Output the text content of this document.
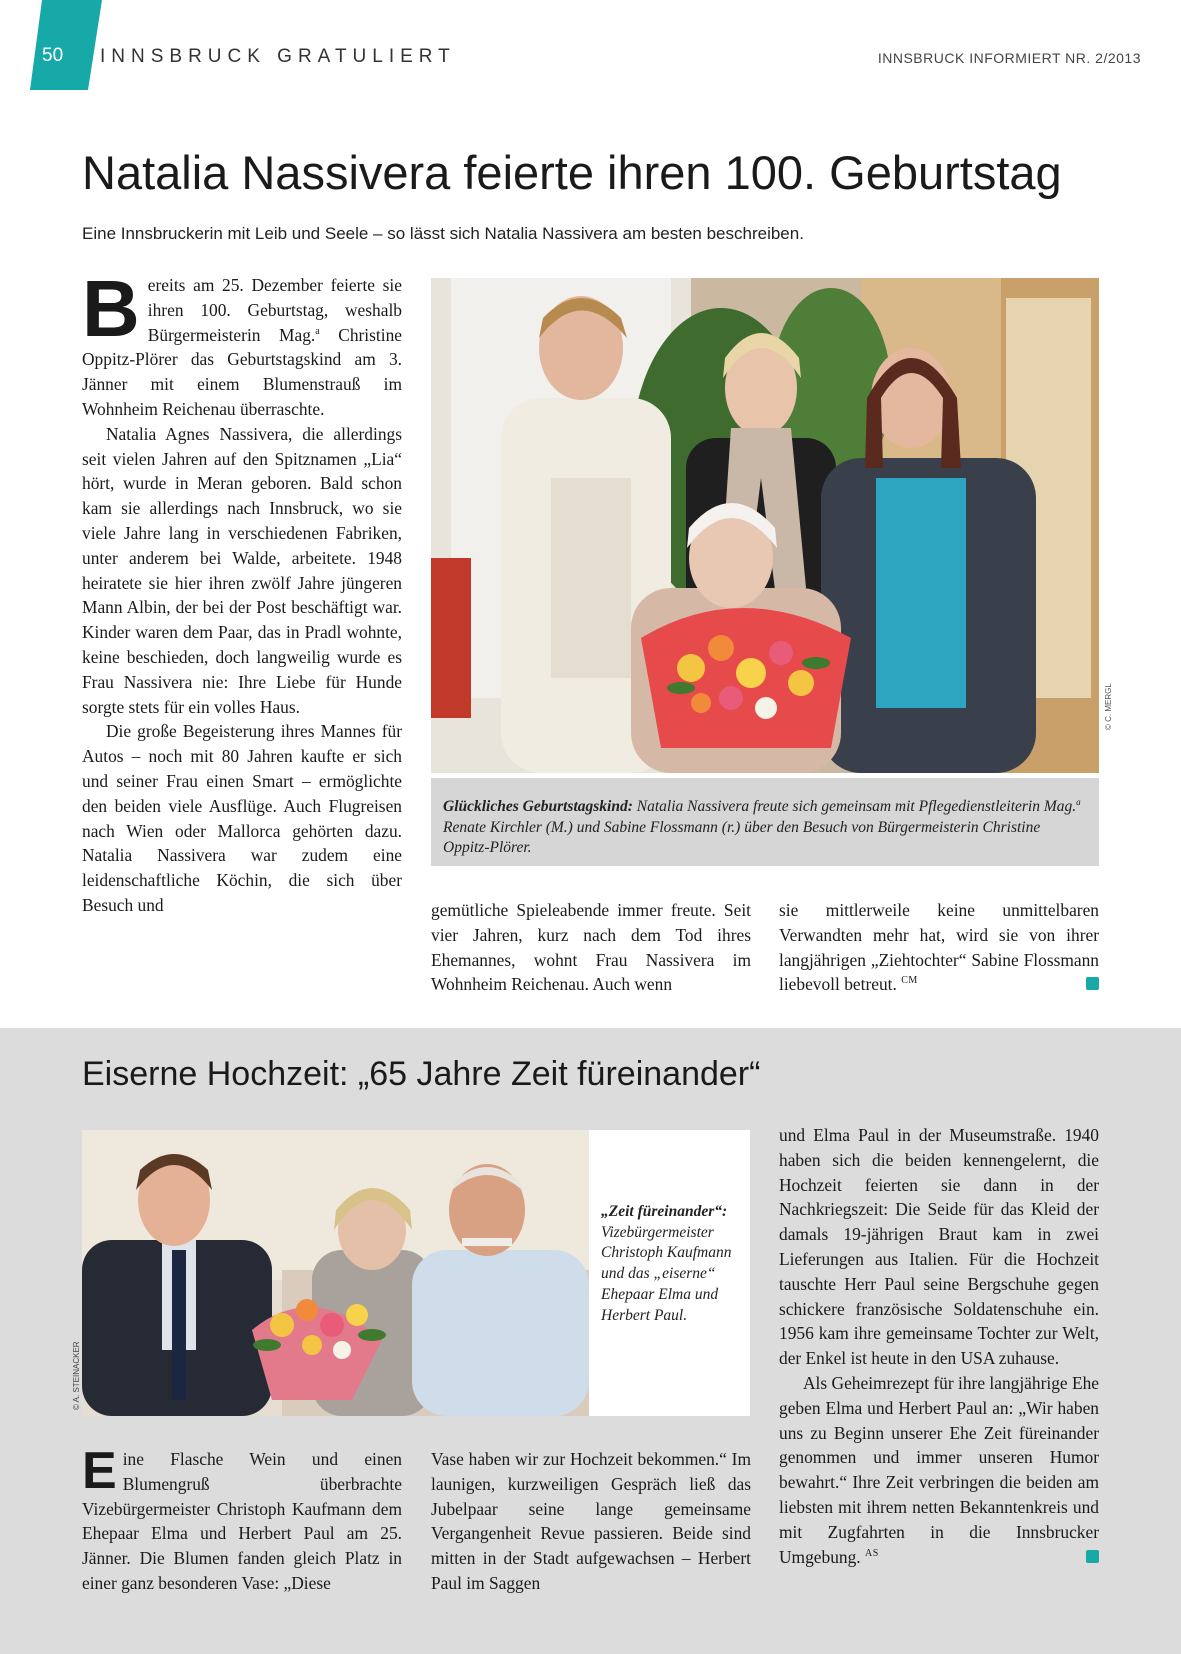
50	INNSBRUCK GRATULIERT	INNSBRUCK INFORMIERT NR. 2/2013
Natalia Nassivera feierte ihren 100. Geburtstag
Eine Innsbruckerin mit Leib und Seele – so lässt sich Natalia Nassivera am besten beschreiben.

Bereits am 25. Dezember feierte sie ihren 100. Geburtstag, weshalb Bürgermeisterin Mag.$^a$ Christine Oppitz-Plörer das Geburtstagskind am 3. Jänner mit einem Blumenstrauß im Wohnheim Reichenau überraschte.

Natalia Agnes Nassivera, die allerdings seit vielen Jahren auf den Spitznamen „Lia“ hört, wurde in Meran geboren. Bald schon kam sie allerdings nach Innsbruck, wo sie viele Jahre lang in verschiedenen Fabriken, unter anderem bei Walde, arbeitete. 1948 heiratete sie hier ihren zwölf Jahre jüngeren Mann Albin, der bei der Post beschäftigt war. Kinder waren dem Paar, das in Pradl wohnte, keine beschieden, doch langweilig wurde es Frau Nassivera nie: Ihre Liebe für Hunde sorgte stets für ein volles Haus.

Die große Begeisterung ihres Mannes für Autos – noch mit 80 Jahren kaufte er sich und seiner Frau einen Smart – ermöglichte den beiden viele Ausflüge. Auch Flugreisen nach Wien oder Mallorca gehörten dazu. Natalia Nassivera war zudem eine leidenschaftliche Köchin, die sich über Besuch und

© C. MERGL
Glückliches Geburtstagskind: Natalia Nassivera freute sich gemeinsam mit Pflegedienstleiterin Mag.$^a$ Renate Kirchler (M.) und Sabine Flossmann (r.) über den Besuch von Bürgermeisterin Christine Oppitz-Plörer.

gemütliche Spieleabende immer freute. Seit vier Jahren, kurz nach dem Tod ihres Ehemannes, wohnt Frau Nassivera im Wohnheim Reichenau. Auch wenn

sie mittlerweile keine unmittelbaren Verwandten mehr hat, wird sie von ihrer langjährigen „Ziehtochter“ Sabine Flossmann liebevoll betreut. $^{CM}$

Eiserne Hochzeit: „65 Jahre Zeit füreinander“
© A. STEINACKER
„Zeit füreinander“: Vizebürgermeister Christoph Kaufmann und das „eiserne“ Ehepaar Elma und Herbert Paul.

Eine Flasche Wein und einen Blumengruß überbrachte Vizebürgermeister Christoph Kaufmann dem Ehepaar Elma und Herbert Paul am 25. Jänner. Die Blumen fanden gleich Platz in einer ganz besonderen Vase: „Diese

Vase haben wir zur Hochzeit bekommen.“ Im launigen, kurzweiligen Gespräch ließ das Jubelpaar seine lange gemeinsame Vergangenheit Revue passieren. Beide sind mitten in der Stadt aufgewachsen – Herbert Paul im Saggen

und Elma Paul in der Museumstraße. 1940 haben sich die beiden kennengelernt, die Hochzeit feierten sie dann in der Nachkriegszeit: Die Seide für das Kleid der damals 19-jährigen Braut kam in zwei Lieferungen aus Italien. Für die Hochzeit tauschte Herr Paul seine Bergschuhe gegen schickere französische Soldatenschuhe ein. 1956 kam ihre gemeinsame Tochter zur Welt, der Enkel ist heute in den USA zuhause.

Als Geheimrezept für ihre langjährige Ehe geben Elma und Herbert Paul an: „Wir haben uns zu Beginn unserer Ehe Zeit füreinander genommen und immer unseren Humor bewahrt.“ Ihre Zeit verbringen die beiden am liebsten mit ihrem netten Bekanntenkreis und mit Zugfahrten in die Innsbrucker Umgebung. $^{AS}$
